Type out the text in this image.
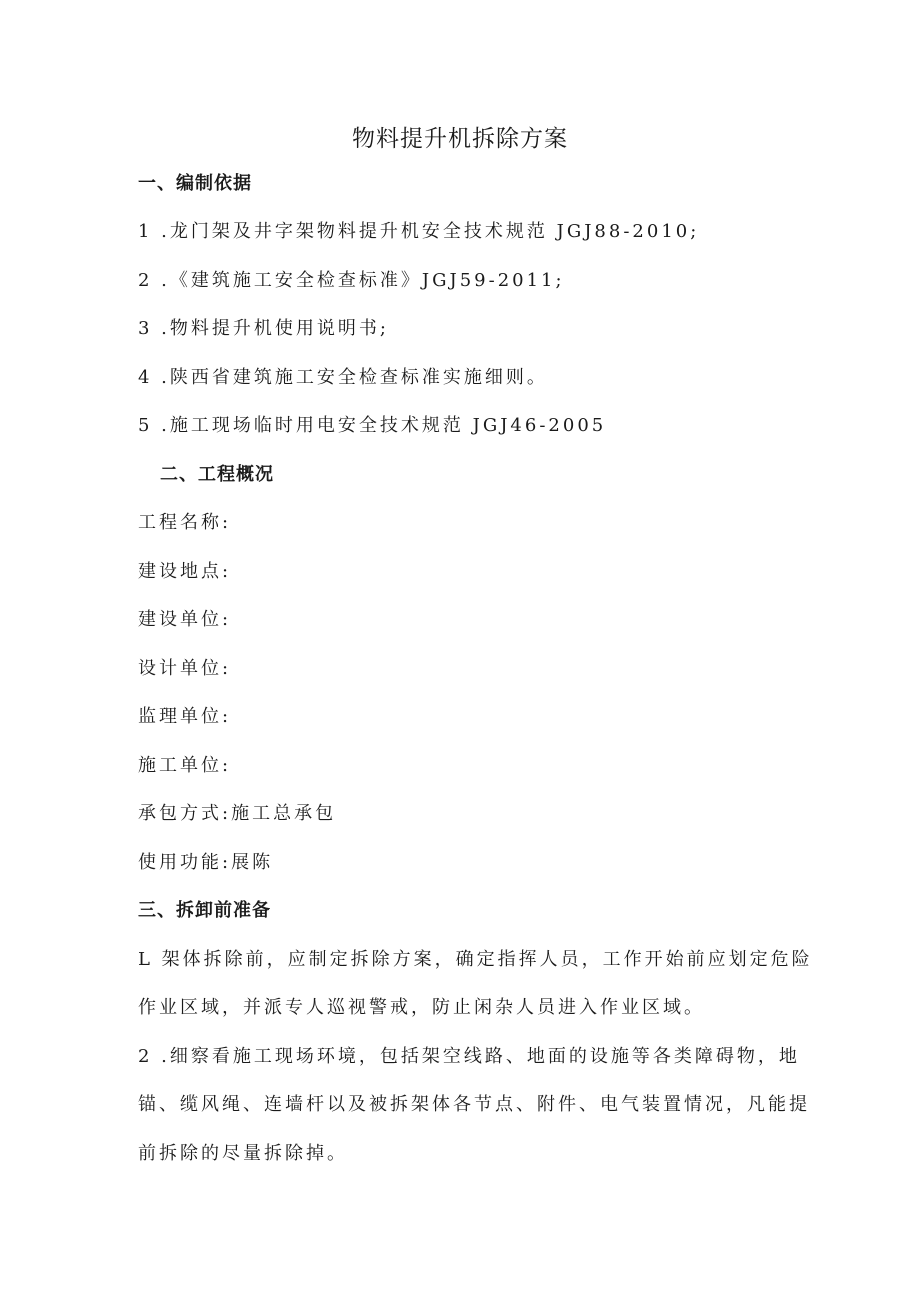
物料提升机拆除方案
一、编制依据
1 .龙门架及井字架物料提升机安全技术规范 JGJ88-2010;
2 .《建筑施工安全检查标准》JGJ59-2011;
3 .物料提升机使用说明书;
4 .陕西省建筑施工安全检查标准实施细则。
5 .施工现场临时用电安全技术规范 JGJ46-2005
二、工程概况
工程名称:
建设地点:
建设单位:
设计单位:
监理单位:
施工单位:
承包方式:施工总承包
使用功能:展陈
三、拆卸前准备
L 架体拆除前，应制定拆除方案，确定指挥人员，工作开始前应划定危险
作业区域，并派专人巡视警戒，防止闲杂人员进入作业区域。
2 .细察看施工现场环境，包括架空线路、地面的设施等各类障碍物，地
锚、缆风绳、连墙杆以及被拆架体各节点、附件、电气装置情况，凡能提
前拆除的尽量拆除掉。
